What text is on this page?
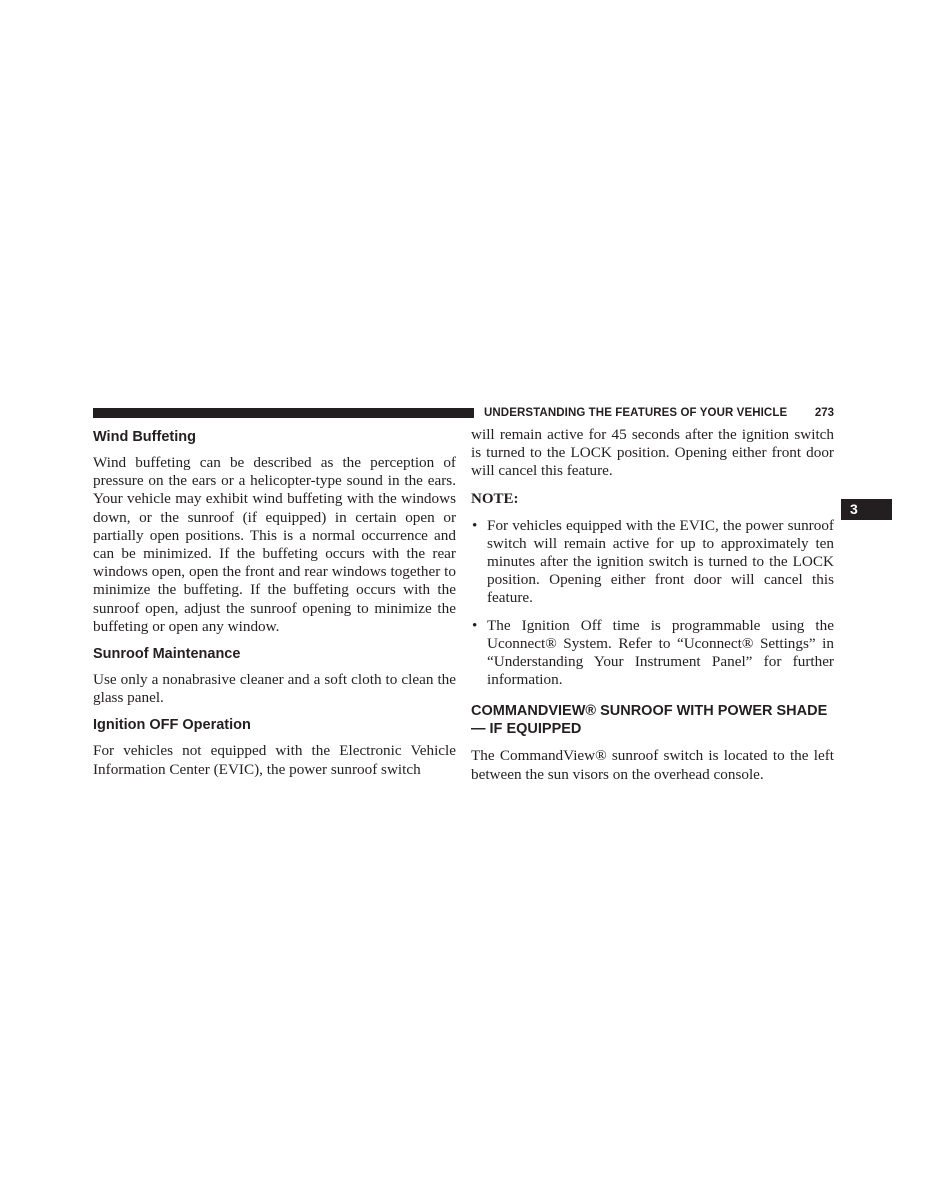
UNDERSTANDING THE FEATURES OF YOUR VEHICLE 273
3
Wind Buffeting

Wind buffeting can be described as the perception of pressure on the ears or a helicopter-type sound in the ears. Your vehicle may exhibit wind buffeting with the windows down, or the sunroof (if equipped) in certain open or partially open positions. This is a normal occurrence and can be minimized. If the buffeting occurs with the rear windows open, open the front and rear windows together to minimize the buffeting. If the buffeting occurs with the sunroof open, adjust the sunroof opening to minimize the buffeting or open any window.

Sunroof Maintenance

Use only a nonabrasive cleaner and a soft cloth to clean the glass panel.

Ignition OFF Operation

For vehicles not equipped with the Electronic Vehicle Information Center (EVIC), the power sunroof switch

will remain active for 45 seconds after the ignition switch is turned to the LOCK position. Opening either front door will cancel this feature.

NOTE:
• For vehicles equipped with the EVIC, the power sunroof switch will remain active for up to approximately ten minutes after the ignition switch is turned to the LOCK position. Opening either front door will cancel this feature.
• The Ignition Off time is programmable using the Uconnect® System. Refer to “Uconnect® Settings” in “Understanding Your Instrument Panel” for further information.
COMMANDVIEW® SUNROOF WITH POWER SHADE — IF EQUIPPED

The CommandView® sunroof switch is located to the left between the sun visors on the overhead console.
